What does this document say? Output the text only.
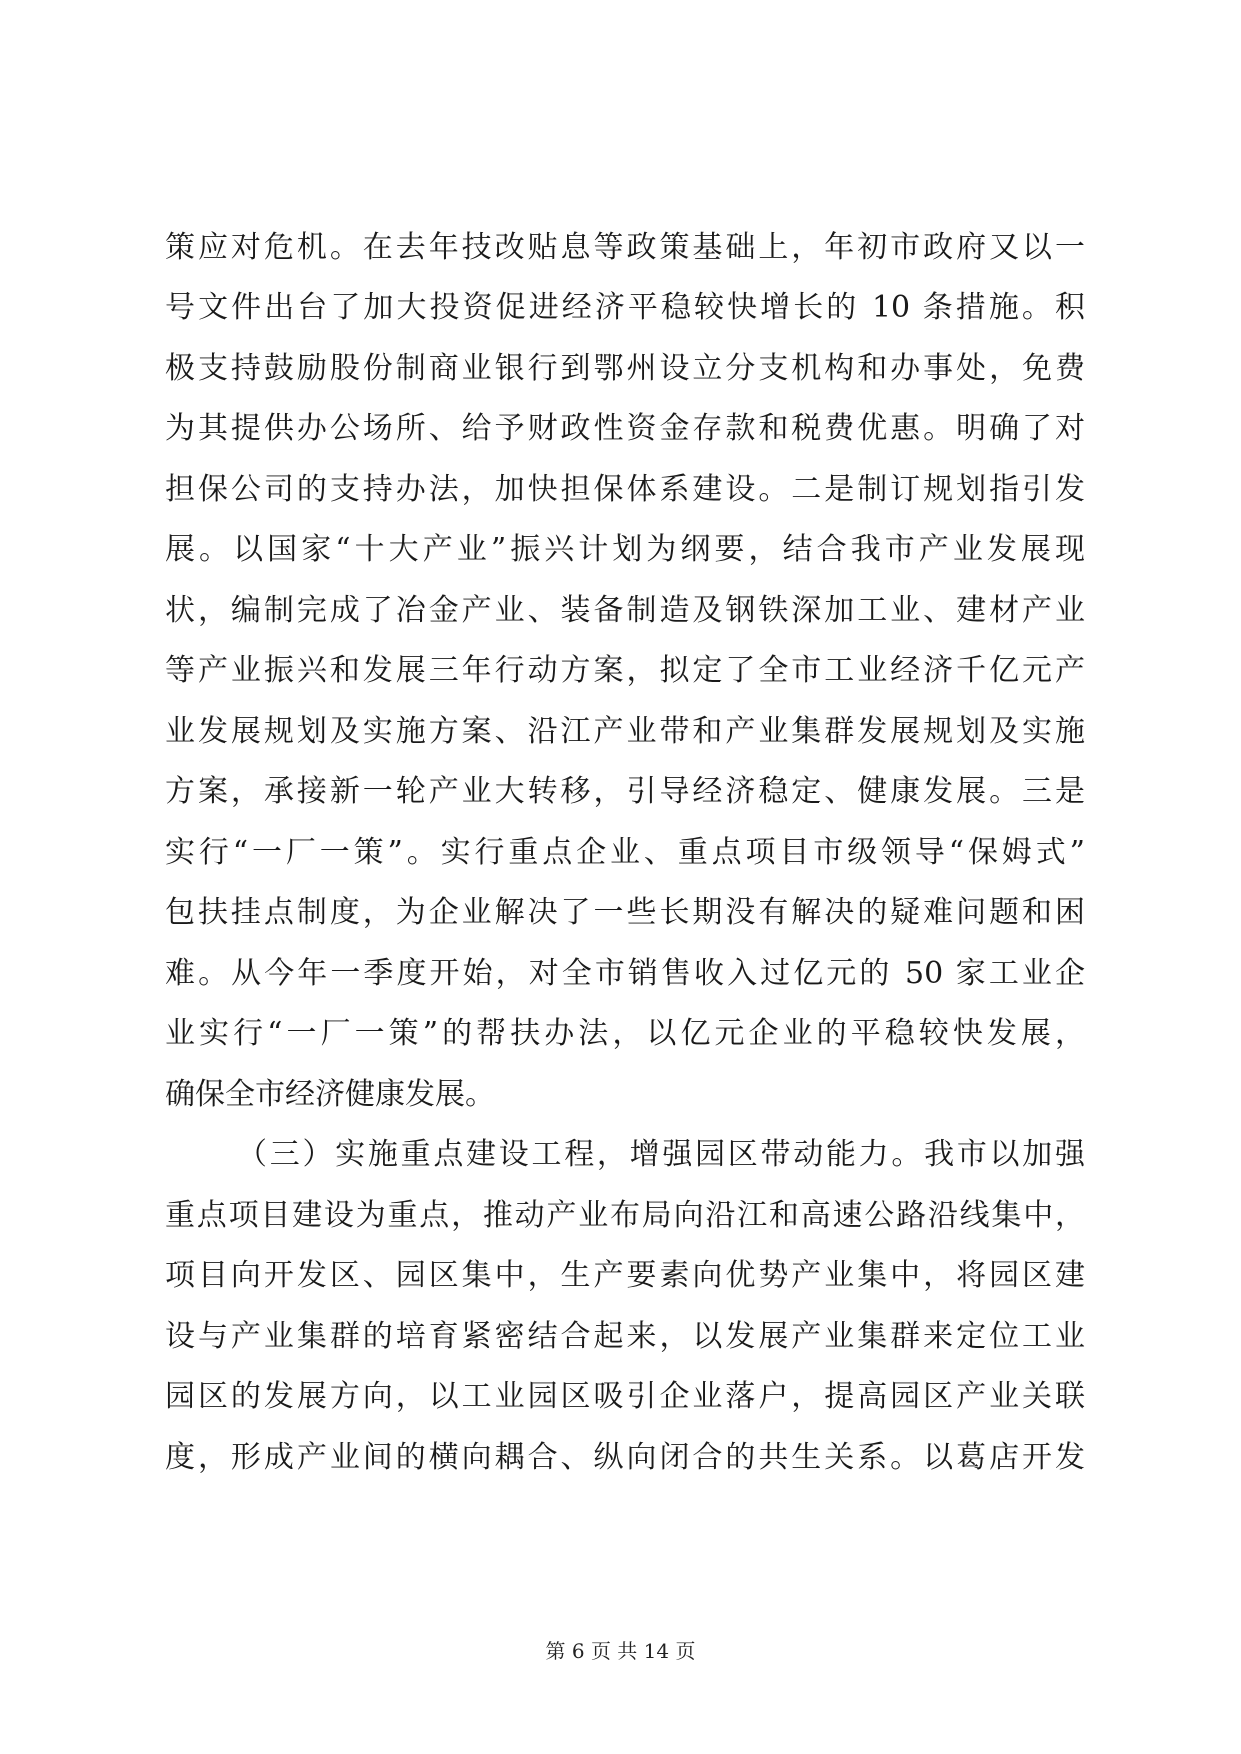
策应对危机。在去年技改贴息等政策基础上，年初市政府又以一
号文件出台了加大投资促进经济平稳较快增长的 10 条措施。积
极支持鼓励股份制商业银行到鄂州设立分支机构和办事处，免费
为其提供办公场所、给予财政性资金存款和税费优惠。明确了对
担保公司的支持办法，加快担保体系建设。二是制订规划指引发
展。以国家“十大产业”振兴计划为纲要，结合我市产业发展现
状，编制完成了冶金产业、装备制造及钢铁深加工业、建材产业
等产业振兴和发展三年行动方案，拟定了全市工业经济千亿元产
业发展规划及实施方案、沿江产业带和产业集群发展规划及实施
方案，承接新一轮产业大转移，引导经济稳定、健康发展。三是
实行“一厂一策”。实行重点企业、重点项目市级领导“保姆式”
包扶挂点制度，为企业解决了一些长期没有解决的疑难问题和困
难。从今年一季度开始，对全市销售收入过亿元的 50 家工业企
业实行“一厂一策”的帮扶办法，以亿元企业的平稳较快发展，
确保全市经济健康发展。
（三）实施重点建设工程，增强园区带动能力。我市以加强
重点项目建设为重点，推动产业布局向沿江和高速公路沿线集中，
项目向开发区、园区集中，生产要素向优势产业集中，将园区建
设与产业集群的培育紧密结合起来，以发展产业集群来定位工业
园区的发展方向，以工业园区吸引企业落户，提高园区产业关联
度，形成产业间的横向耦合、纵向闭合的共生关系。以葛店开发
第 6 页 共 14 页
